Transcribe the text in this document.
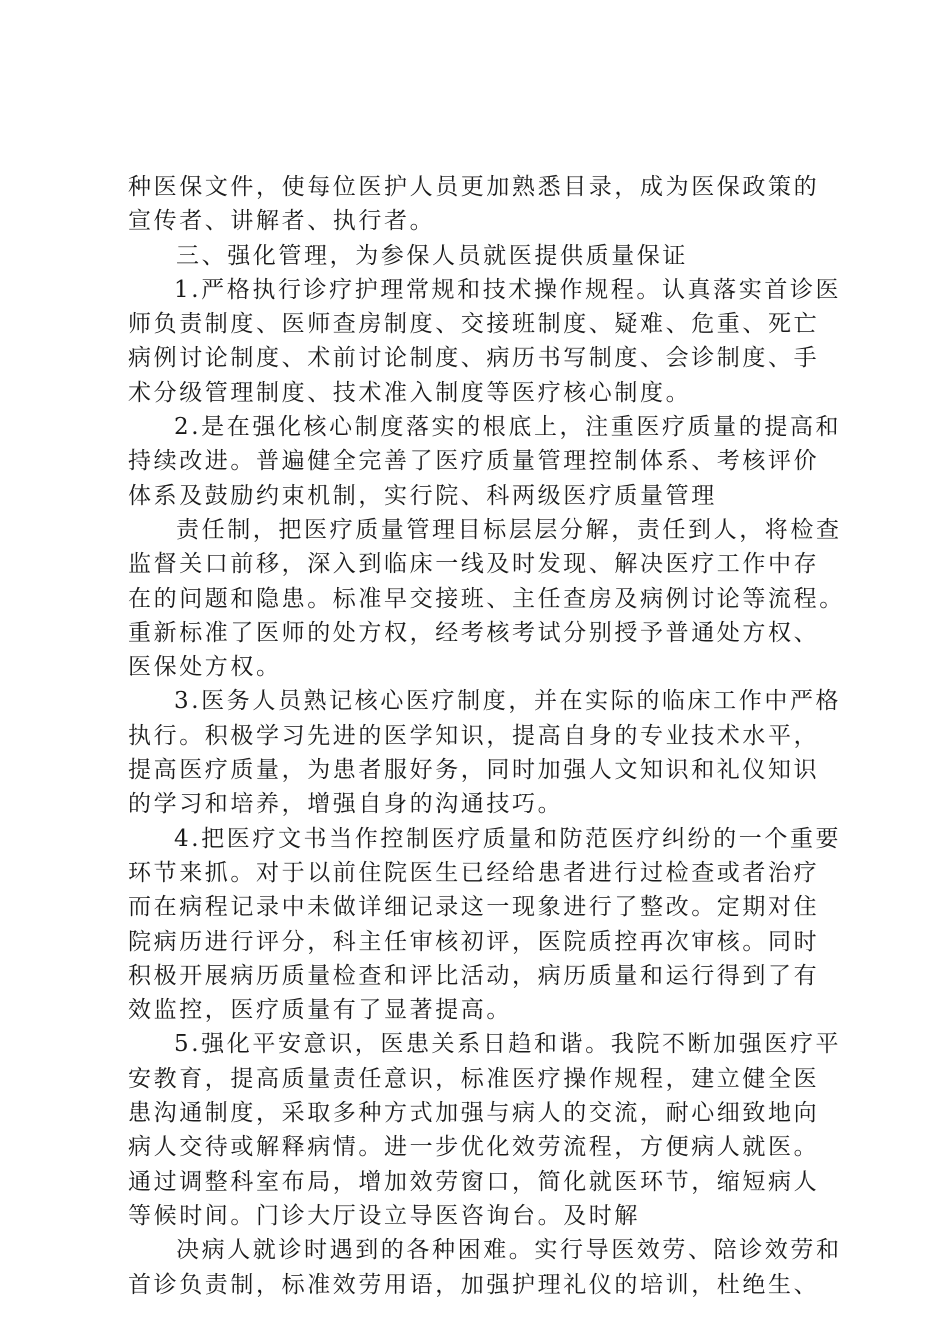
种医保文件，使每位医护人员更加熟悉目录，成为医保政策的
宣传者、讲解者、执行者。
三、强化管理，为参保人员就医提供质量保证
1.严格执行诊疗护理常规和技术操作规程。认真落实首诊医
师负责制度、医师查房制度、交接班制度、疑难、危重、死亡
病例讨论制度、术前讨论制度、病历书写制度、会诊制度、手
术分级管理制度、技术准入制度等医疗核心制度。
2.是在强化核心制度落实的根底上，注重医疗质量的提高和
持续改进。普遍健全完善了医疗质量管理控制体系、考核评价
体系及鼓励约束机制，实行院、科两级医疗质量管理
责任制，把医疗质量管理目标层层分解，责任到人，将检查
监督关口前移，深入到临床一线及时发现、解决医疗工作中存
在的问题和隐患。标准早交接班、主任查房及病例讨论等流程。
重新标准了医师的处方权，经考核考试分别授予普通处方权、
医保处方权。
3.医务人员熟记核心医疗制度，并在实际的临床工作中严格
执行。积极学习先进的医学知识，提高自身的专业技术水平，
提高医疗质量，为患者服好务，同时加强人文知识和礼仪知识
的学习和培养，增强自身的沟通技巧。
4.把医疗文书当作控制医疗质量和防范医疗纠纷的一个重要
环节来抓。对于以前住院医生已经给患者进行过检查或者治疗
而在病程记录中未做详细记录这一现象进行了整改。定期对住
院病历进行评分，科主任审核初评，医院质控再次审核。同时
积极开展病历质量检查和评比活动，病历质量和运行得到了有
效监控，医疗质量有了显著提高。
5.强化平安意识，医患关系日趋和谐。我院不断加强医疗平
安教育，提高质量责任意识，标准医疗操作规程，建立健全医
患沟通制度，采取多种方式加强与病人的交流，耐心细致地向
病人交待或解释病情。进一步优化效劳流程，方便病人就医。
通过调整科室布局，增加效劳窗口，简化就医环节，缩短病人
等候时间。门诊大厅设立导医咨询台。及时解
决病人就诊时遇到的各种困难。实行导医效劳、陪诊效劳和
首诊负责制，标准效劳用语，加强护理礼仪的培训，杜绝生、
